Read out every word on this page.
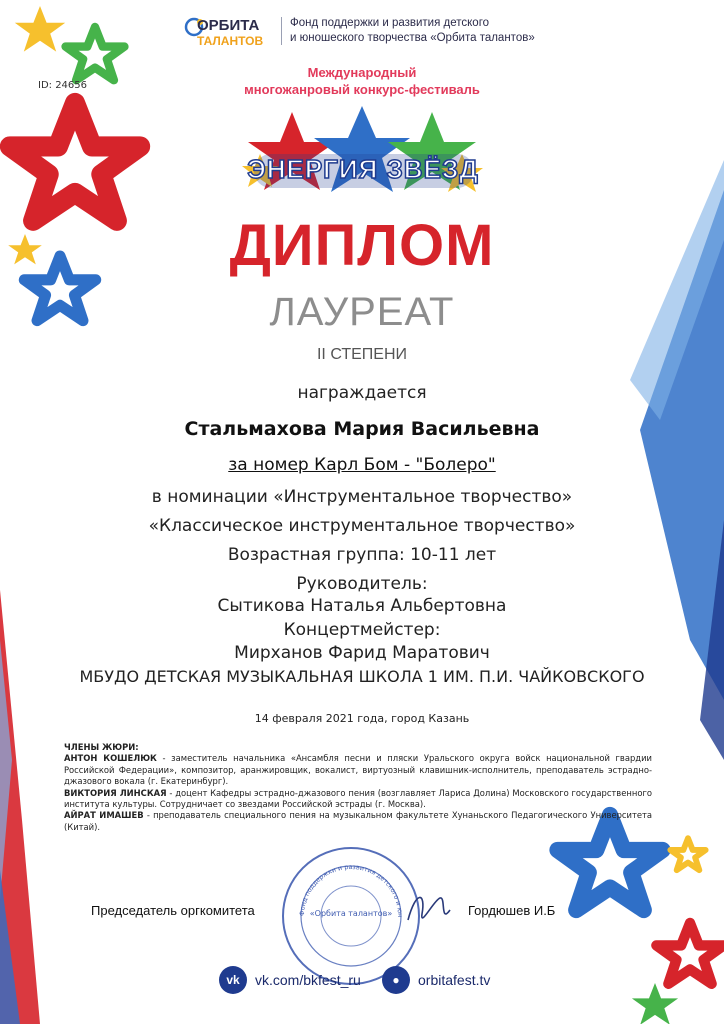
ID: 24656
ОРБИТА
ТАЛАНТОВ
Фонд поддержки и развития детского
и юношеского творчества «Орбита талантов»
Международный
многожанровый конкурс-фестиваль
ЭНЕРГИЯ ЗВЁЗД
ДИПЛОМ
ЛАУРЕАТ
II СТЕПЕНИ
награждается
Стальмахова Мария Васильевна
за номер Карл Бом - "Болеро"
в номинации «Инструментальное творчество»
«Классическое инструментальное творчество»
Возрастная группа: 10-11 лет
Руководитель:
Сытикова Наталья Альбертовна
Концертмейстер:
Мирханов Фарид Маратович
МБУДО ДЕТСКАЯ МУЗЫКАЛЬНАЯ ШКОЛА 1 ИМ. П.И. ЧАЙКОВСКОГО
14 февраля 2021 года, город Казань

ЧЛЕНЫ ЖЮРИ:

АНТОН КОШЕЛЮК - заместитель начальника «Ансамбля песни и пляски Уральского округа войск национальной гвардии Российской Федерации», композитор, аранжировщик, вокалист, виртуозный клавишник-исполнитель, преподаватель эстрадно-джазового вокала (г. Екатеринбург).

ВИКТОРИЯ ЛИНСКАЯ - доцент Кафедры эстрадно-джазового пения (возглавляет Лариса Долина) Московского государственного института культуры. Сотрудничает со звездами Российской эстрады (г. Москва).

АЙРАТ ИМАШЕВ - преподаватель специального пения на музыкальном факультете Хунаньского Педагогического Университета (Китай).

Председатель оргкомитета	Гордюшев И.Б
Фонд поддержки и развития детского и юн
«Орбита талантов»
vk	vk.com/bkfest_ru	●	orbitafest.tv
